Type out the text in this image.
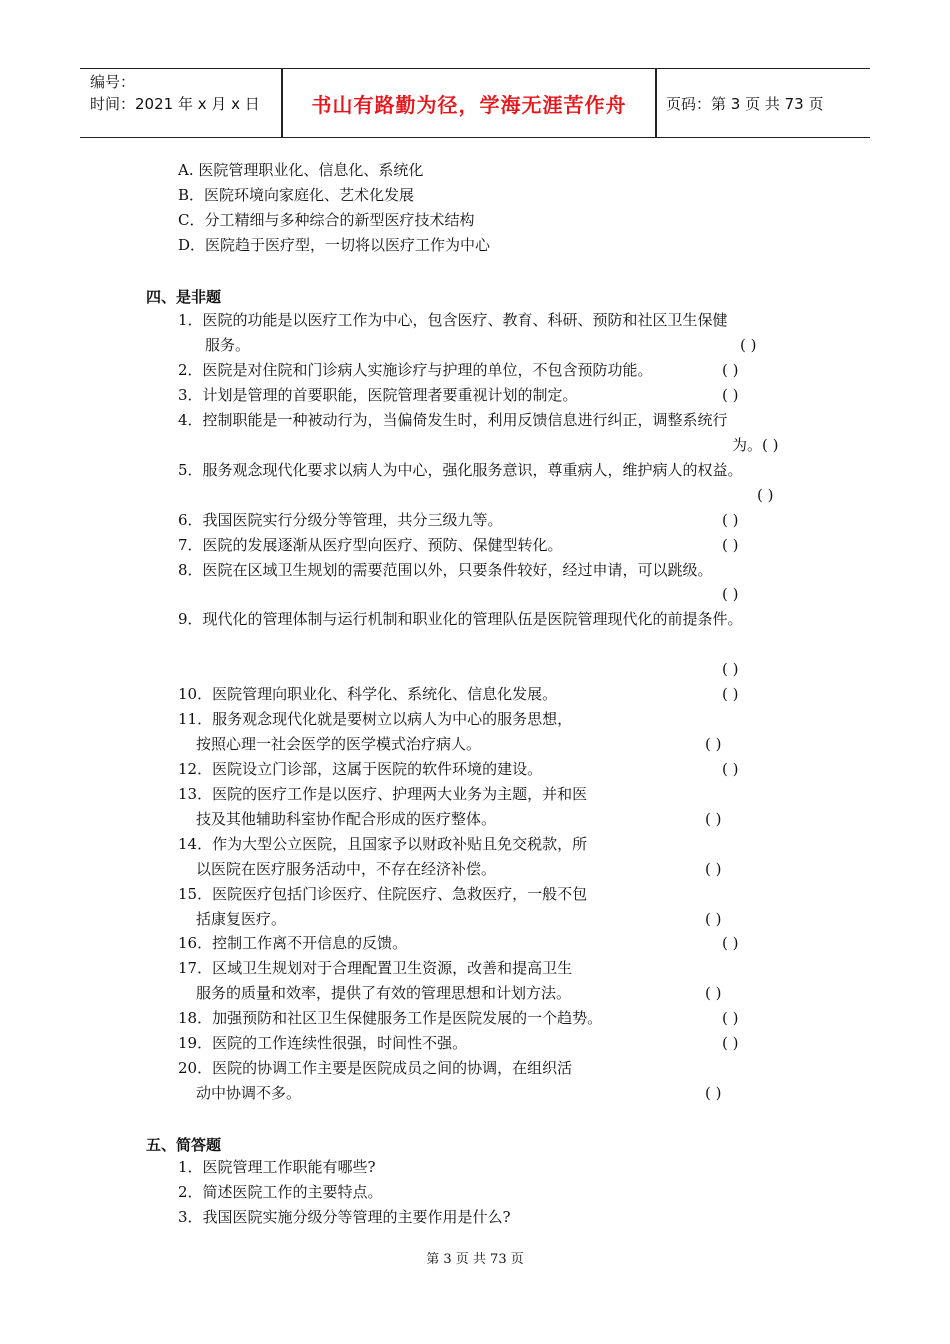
编号：
时间：2021 年 x 月 x 日	书山有路勤为径，学海无涯苦作舟	页码：第 3 页 共 73 页
A. 医院管理职业化、信息化、系统化
B．医院环境向家庭化、艺术化发展
C．分工精细与多种综合的新型医疗技术结构
D．医院趋于医疗型，一切将以医疗工作为中心
四、是非题
1．医院的功能是以医疗工作为中心，包含医疗、教育、科研、预防和社区卫生保健
服务。	( )
2．医院是对住院和门诊病人实施诊疗与护理的单位，不包含预防功能。	( )
3．计划是管理的首要职能，医院管理者要重视计划的制定。	( )
4．控制职能是一种被动行为，当偏倚发生时，利用反馈信息进行纠正，调整系统行
为。( )
5．服务观念现代化要求以病人为中心，强化服务意识，尊重病人，维护病人的权益。
( )
6．我国医院实行分级分等管理，共分三级九等。	( )
7．医院的发展逐渐从医疗型向医疗、预防、保健型转化。	( )
8．医院在区域卫生规划的需要范围以外，只要条件较好，经过申请，可以跳级。
( )
9．现代化的管理体制与运行机制和职业化的管理队伍是医院管理现代化的前提条件。
( )
10．医院管理向职业化、科学化、系统化、信息化发展。	( )
11．服务观念现代化就是要树立以病人为中心的服务思想，
按照心理一社会医学的医学模式治疗病人。	( )
12．医院设立门诊部，这属于医院的软件环境的建设。	( )
13．医院的医疗工作是以医疗、护理两大业务为主题，并和医
技及其他辅助科室协作配合形成的医疗整体。	( )
14．作为大型公立医院，且国家予以财政补贴且免交税款，所
以医院在医疗服务活动中，不存在经济补偿。	( )
15．医院医疗包括门诊医疗、住院医疗、急救医疗，一般不包
括康复医疗。	( )
16．控制工作离不开信息的反馈。	( )
17．区域卫生规划对于合理配置卫生资源，改善和提高卫生
服务的质量和效率，提供了有效的管理思想和计划方法。	( )
18．加强预防和社区卫生保健服务工作是医院发展的一个趋势。	( )
19．医院的工作连续性很强，时间性不强。	( )
20．医院的协调工作主要是医院成员之间的协调，在组织活
动中协调不多。	( )
五、简答题
1．医院管理工作职能有哪些?
2．简述医院工作的主要特点。
3．我国医院实施分级分等管理的主要作用是什么?
第 3 页 共 73 页
